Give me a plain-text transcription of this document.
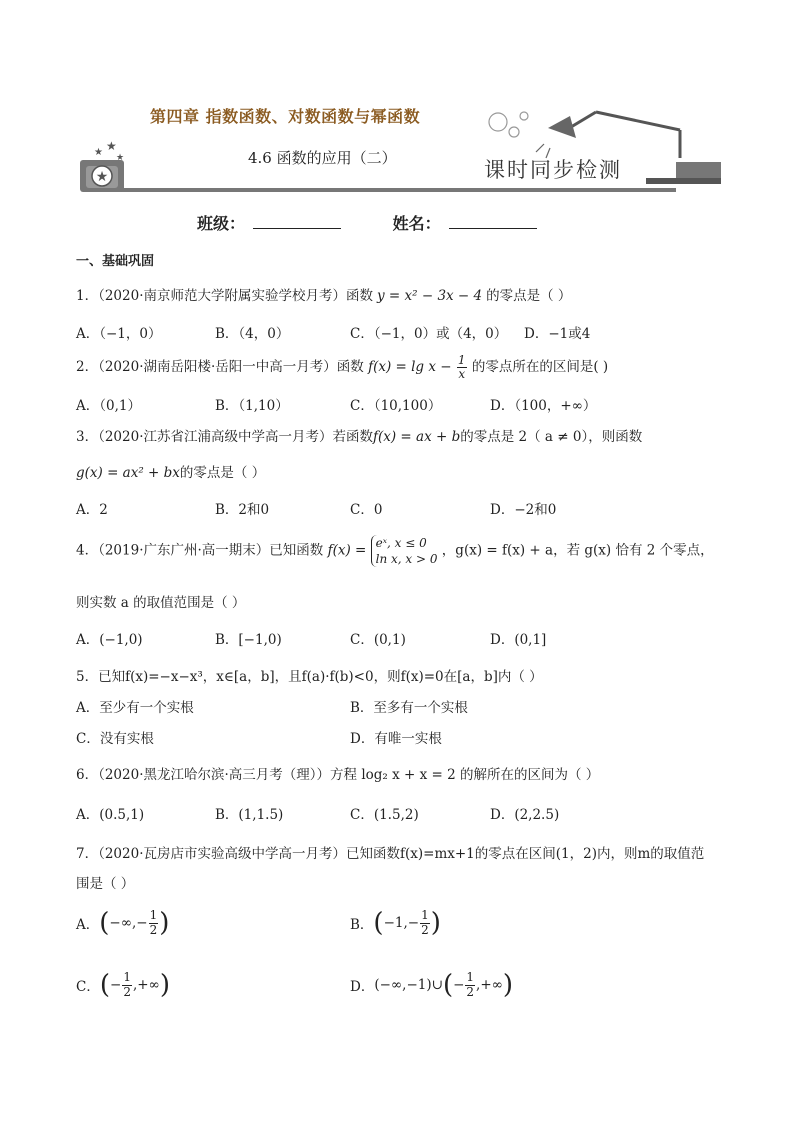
★
★ ★
★
第四章 指数函数、对数函数与幂函数
4.6 函数的应用（二）	课时同步检测
班级：	姓名：
一、基础巩固
1．（2020·南京师范大学附属实验学校月考）函数 y = x² − 3x − 4 的零点是（ ）
A．（−1，0）	B．（4，0）	C．（−1，0）或（4，0） D．−1或4
2．（2020·湖南岳阳楼·岳阳一中高一月考）函数 $f(x) = \lg x - \frac{1}{x}$ 的零点所在的区间是( )
A．（0,1）	B．（1,10）	C．（10,100）	D．（100，+∞）
3．（2020·江苏省江浦高级中学高一月考）若函数f(x) = ax + b的零点是 2（ a ≠ 0），则函数
g(x) = ax² + bx的零点是（ ）
A．2	B．2和0	C．0	D．−2和0
4．（2019·广东广州·高一期末）已知函数 f(x) = eˣ, x ≤ 0
ln x, x > 0 ，g(x) = f(x) + a，若 g(x) 恰有 2 个零点，
则实数 a 的取值范围是（ ）
A．(−1,0)	B．[−1,0)	C．(0,1)	D．(0,1]
5．已知f(x)=−x−x³，x∈[a，b]，且f(a)·f(b)<0，则f(x)=0在[a，b]内（ ）
A．至少有一个实根	B．至多有一个实根
C．没有实根	D．有唯一实根
6．（2020·黑龙江哈尔滨·高三月考（理））方程 log₂ x + x = 2 的解所在的区间为（ ）
A．(0.5,1)	B．(1,1.5)	C．(1.5,2)	D．(2,2.5)
7．（2020·瓦房店市实验高级中学高一月考）已知函数f(x)=mx+1的零点在区间(1，2)内，则m的取值范
围是（ ）
A． ( −∞,− $\frac{1}{2}$ )	B． ( $-1,- \frac{1}{2}$ )
C． ( − $\frac{1}{2}$ ,+∞ )	D． (−∞,−1)∪ ( − $\frac{1}{2}$ ,+∞ )
